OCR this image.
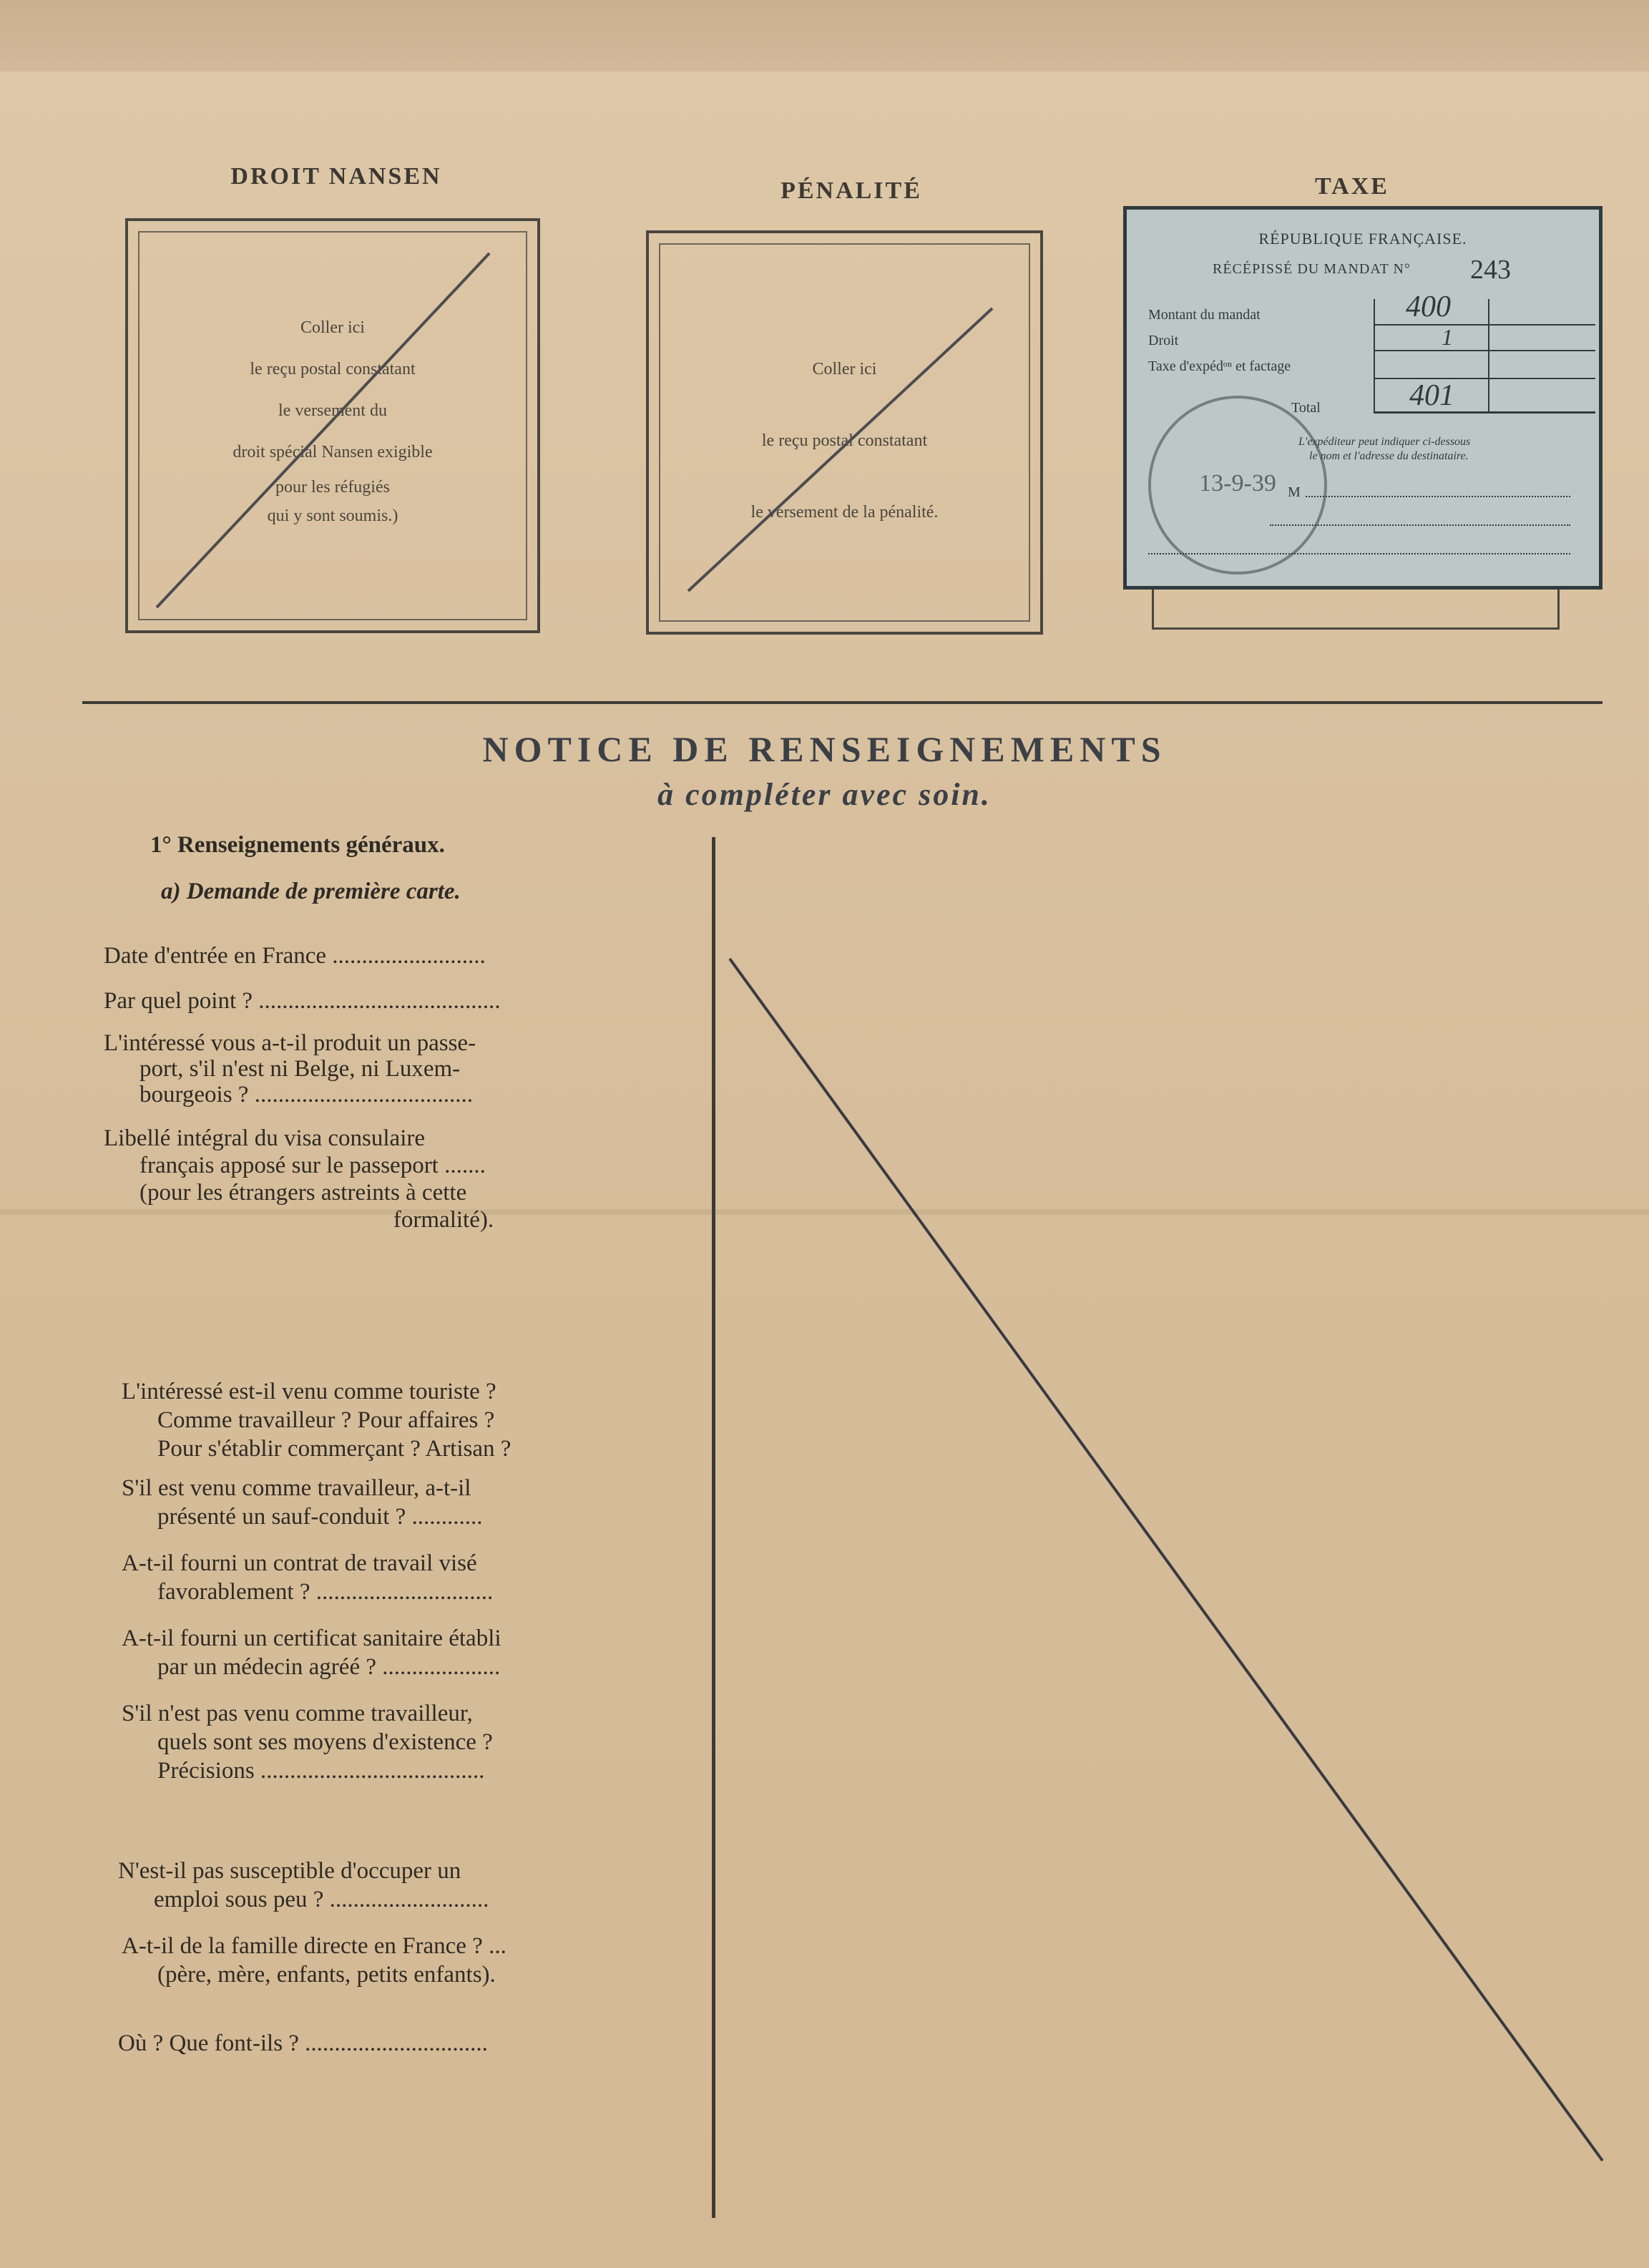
DROIT NANSEN
Coller ici
le reçu postal constatant
le versement du
droit spécial Nansen exigible
pour les réfugiés
qui y sont soumis.)
PÉNALITÉ
Coller ici
le reçu postal constatant
le versement de la pénalité.
TAXE
RÉPUBLIQUE FRANÇAISE.
RÉCÉPISSÉ DU MANDAT N° 243
Montant du mandat
Droit
Taxe d'expédᵒⁿ et factage
Total
400
1
401
L'expéditeur peut indiquer ci-dessous
le nom et l'adresse du destinataire.
M
13-9-39
NOTICE DE RENSEIGNEMENTS
à compléter avec soin.
1° Renseignements généraux.
a) Demande de première carte.
Date d'entrée en France ..........................
Par quel point ? .........................................
L'intéressé vous a-t-il produit un passe-
port, s'il n'est ni Belge, ni Luxem-
bourgeois ? .....................................
Libellé intégral du visa consulaire
français apposé sur le passeport .......
(pour les étrangers astreints à cette
formalité).
L'intéressé est-il venu comme touriste ?
Comme travailleur ? Pour affaires ?
Pour s'établir commerçant ? Artisan ?
S'il est venu comme travailleur, a-t-il
présenté un sauf-conduit ? ............
A-t-il fourni un contrat de travail visé
favorablement ? ..............................
A-t-il fourni un certificat sanitaire établi
par un médecin agréé ? ....................
S'il n'est pas venu comme travailleur,
quels sont ses moyens d'existence ?
Précisions ......................................
N'est-il pas susceptible d'occuper un
emploi sous peu ? ...........................
A-t-il de la famille directe en France ? ...
(père, mère, enfants, petits enfants).
Où ? Que font-ils ? ...............................
